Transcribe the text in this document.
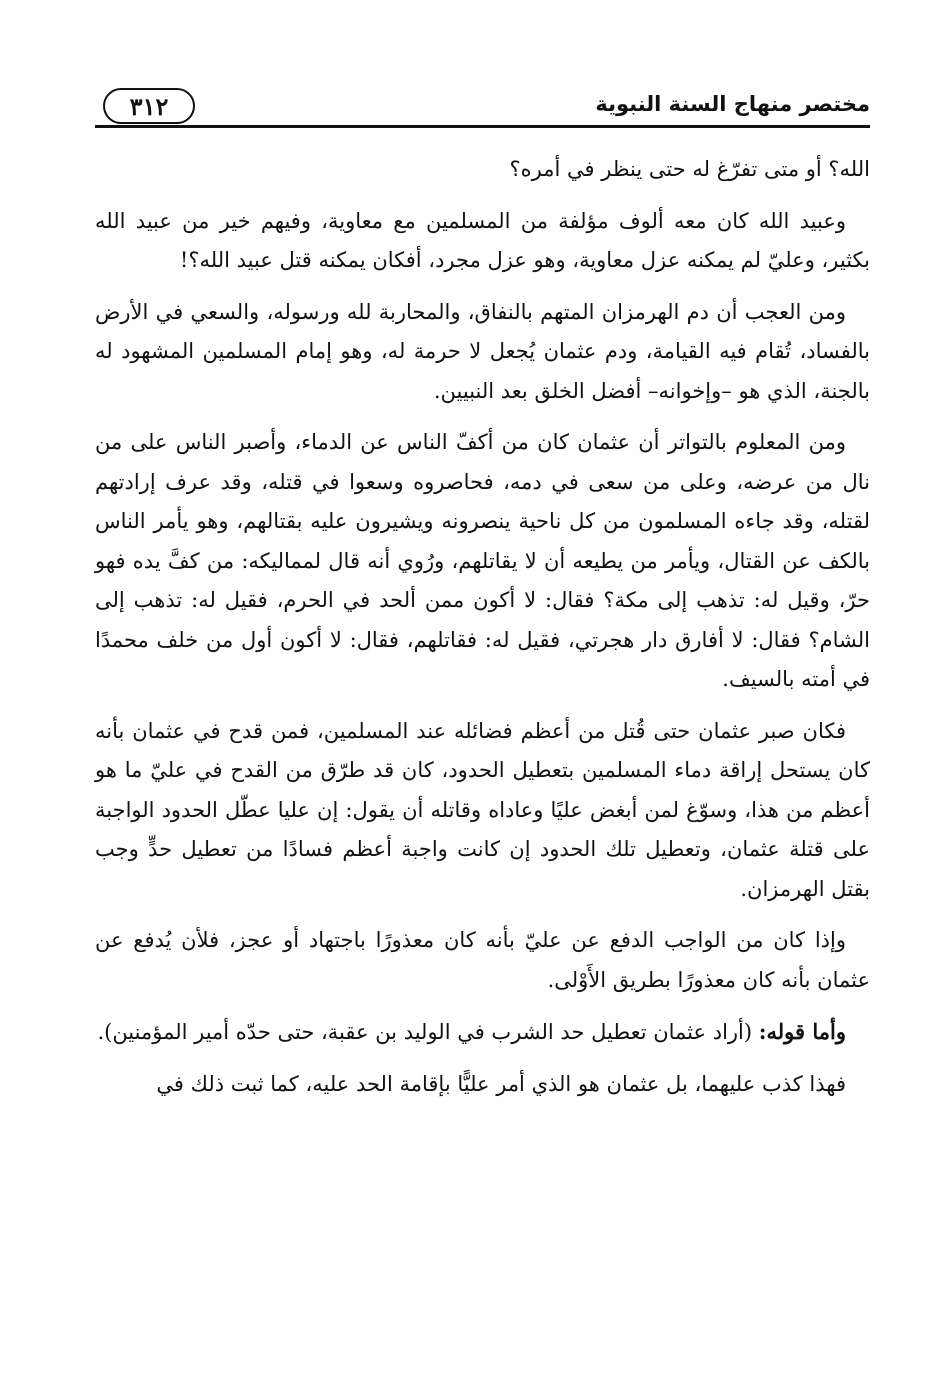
٣١٢	مختصر منهاج السنة النبوية

الله؟ أو متى تفرّغ له حتى ينظر في أمره؟

وعبيد الله كان معه ألوف مؤلفة من المسلمين مع معاوية، وفيهم خير من عبيد الله بكثير، وعليّ لم يمكنه عزل معاوية، وهو عزل مجرد، أفكان يمكنه قتل عبيد الله؟!

ومن العجب أن دم الهرمزان المتهم بالنفاق، والمحاربة لله ورسوله، والسعي في الأرض بالفساد، تُقام فيه القيامة، ودم عثمان يُجعل لا حرمة له، وهو إمام المسلمين المشهود له بالجنة، الذي هو –وإخوانه– أفضل الخلق بعد النبيين.

ومن المعلوم بالتواتر أن عثمان كان من أكفّ الناس عن الدماء، وأصبر الناس على من نال من عرضه، وعلى من سعى في دمه، فحاصروه وسعوا في قتله، وقد عرف إرادتهم لقتله، وقد جاءه المسلمون من كل ناحية ينصرونه ويشيرون عليه بقتالهم، وهو يأمر الناس بالكف عن القتال، ويأمر من يطيعه أن لا يقاتلهم، ورُوي أنه قال لمماليكه: من كفَّ يده فهو حرّ، وقيل له: تذهب إلى مكة؟ فقال: لا أكون ممن ألحد في الحرم، فقيل له: تذهب إلى الشام؟ فقال: لا أفارق دار هجرتي، فقيل له: فقاتلهم، فقال: لا أكون أول من خلف محمدًا في أمته بالسيف.

فكان صبر عثمان حتى قُتل من أعظم فضائله عند المسلمين، فمن قدح في عثمان بأنه كان يستحل إراقة دماء المسلمين بتعطيل الحدود، كان قد طرّق من القدح في عليّ ما هو أعظم من هذا، وسوّغ لمن أبغض عليًا وعاداه وقاتله أن يقول: إن عليا عطّل الحدود الواجبة على قتلة عثمان، وتعطيل تلك الحدود إن كانت واجبة أعظم فسادًا من تعطيل حدٍّ وجب بقتل الهرمزان.

وإذا كان من الواجب الدفع عن عليّ بأنه كان معذورًا باجتهاد أو عجز، فلأن يُدفع عن عثمان بأنه كان معذورًا بطريق الأَوْلى.

وأما قوله: (أراد عثمان تعطيل حد الشرب في الوليد بن عقبة، حتى حدّه أمير المؤمنين).

فهذا كذب عليهما، بل عثمان هو الذي أمر عليًّا بإقامة الحد عليه، كما ثبت ذلك في
